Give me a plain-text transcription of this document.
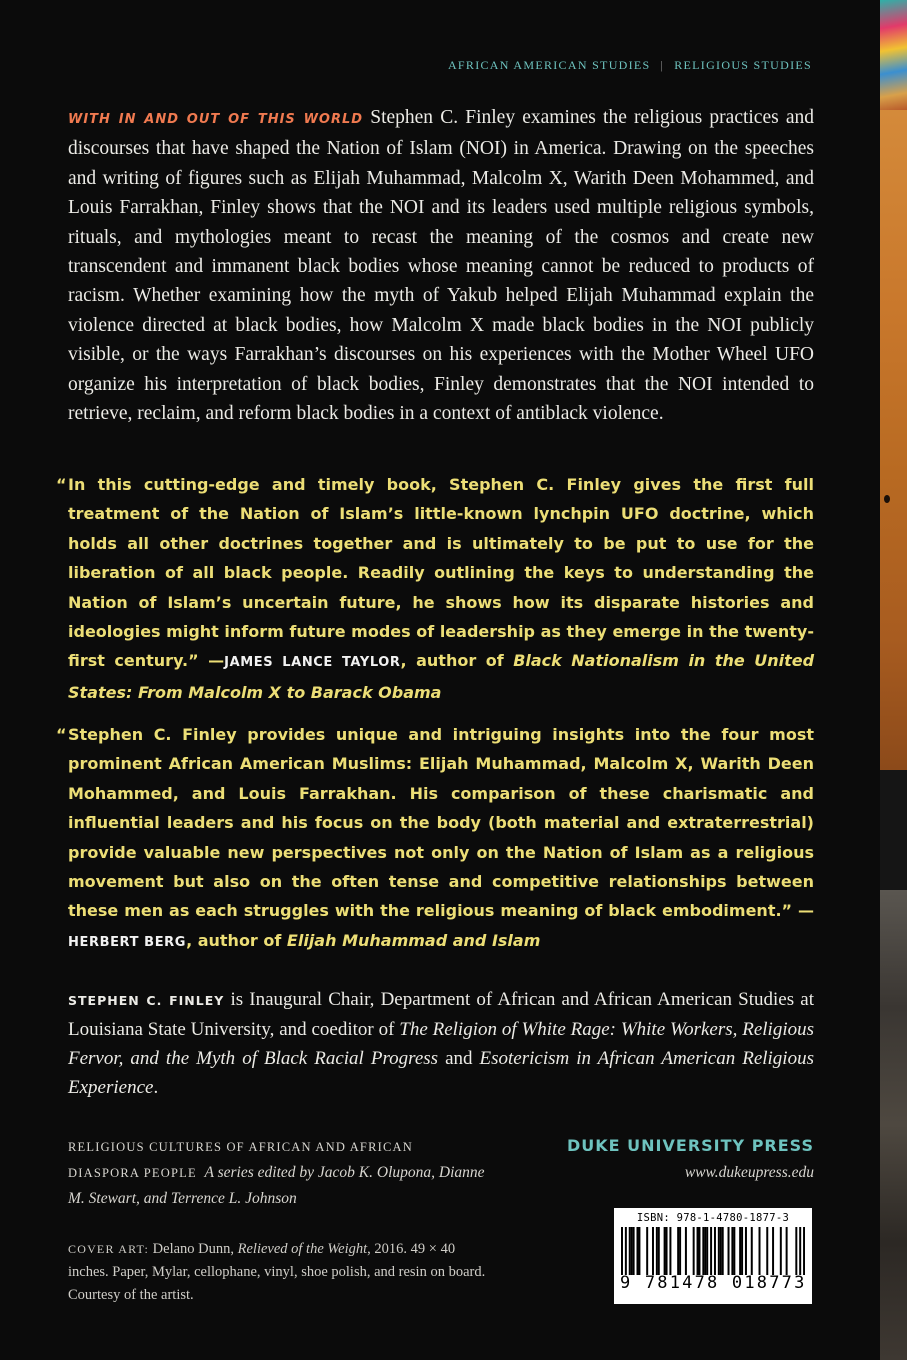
AFRICAN AMERICAN STUDIES | RELIGIOUS STUDIES
WITH IN AND OUT OF THIS WORLD Stephen C. Finley examines the religious practices and discourses that have shaped the Nation of Islam (NOI) in America. Drawing on the speeches and writing of figures such as Elijah Muhammad, Malcolm X, Warith Deen Mohammed, and Louis Farrakhan, Finley shows that the NOI and its leaders used multiple religious symbols, rituals, and mythologies meant to recast the meaning of the cosmos and create new transcendent and immanent black bodies whose meaning cannot be reduced to products of racism. Whether examining how the myth of Yakub helped Elijah Muhammad explain the violence directed at black bodies, how Malcolm X made black bodies in the NOI publicly visible, or the ways Farrakhan’s discourses on his experiences with the Mother Wheel UFO organize his interpretation of black bodies, Finley demonstrates that the NOI intended to retrieve, reclaim, and reform black bodies in a context of antiblack violence.
“ In this cutting-edge and timely book, Stephen C. Finley gives the first full treatment of the Nation of Islam’s little-known lynchpin UFO doctrine, which holds all other doctrines together and is ultimately to be put to use for the liberation of all black people. Readily outlining the keys to understanding the Nation of Islam’s uncertain future, he shows how its disparate histories and ideologies might inform future modes of leadership as they emerge in the twenty-first century.” —JAMES LANCE TAYLOR, author of Black Nationalism in the United States: From Malcolm X to Barack Obama
“ Stephen C. Finley provides unique and intriguing insights into the four most prominent African American Muslims: Elijah Muhammad, Malcolm X, Warith Deen Mohammed, and Louis Farrakhan. His comparison of these charismatic and influential leaders and his focus on the body (both material and extraterrestrial) provide valuable new perspectives not only on the Nation of Islam as a religious movement but also on the often tense and competitive relationships between these men as each struggles with the religious meaning of black embodiment.” —HERBERT BERG, author of Elijah Muhammad and Islam
STEPHEN C. FINLEY is Inaugural Chair, Department of African and African American Studies at Louisiana State University, and coeditor of The Religion of White Rage: White Workers, Religious Fervor, and the Myth of Black Racial Progress and Esotericism in African American Religious Experience.
RELIGIOUS CULTURES OF AFRICAN AND AFRICAN DIASPORA PEOPLE A series edited by Jacob K. Olupona, Dianne M. Stewart, and Terrence L. Johnson
DUKE UNIVERSITY PRESS
www.dukeupress.edu
COVER ART: Delano Dunn, Relieved of the Weight, 2016. 49 × 40 inches. Paper, Mylar, cellophane, vinyl, shoe polish, and resin on board. Courtesy of the artist.
ISBN: 978-1-4780-1877-3
9 781478 018773
